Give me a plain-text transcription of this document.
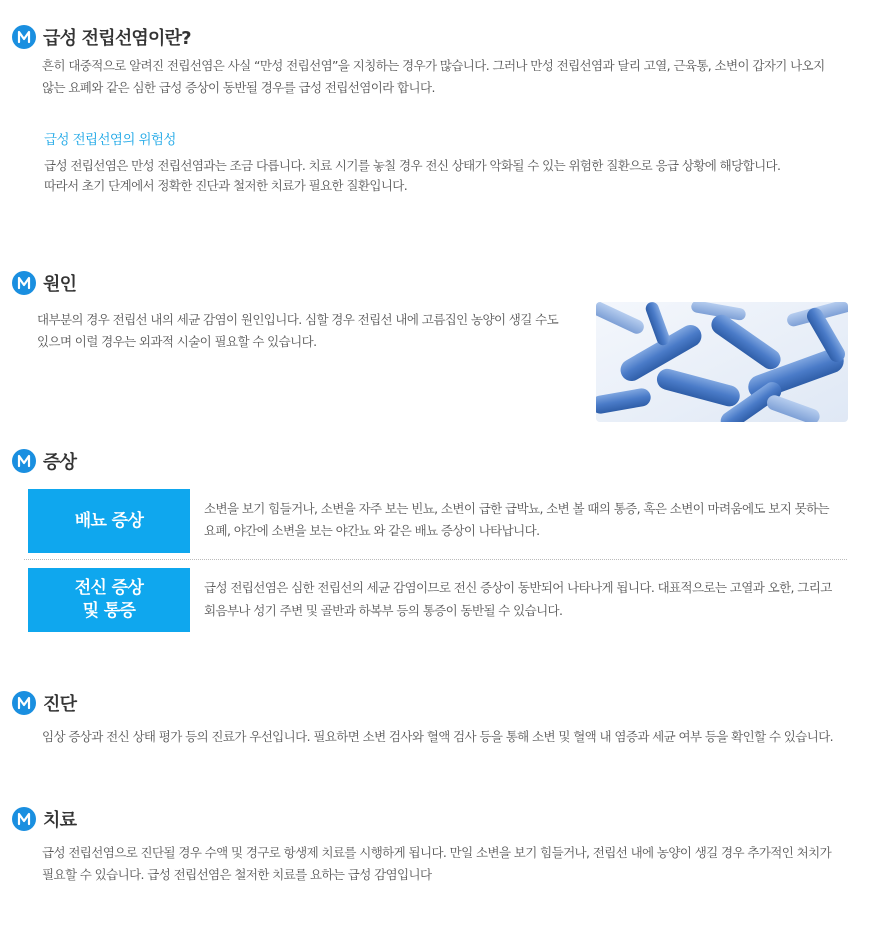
급성 전립선염이란?

흔히 대중적으로 알려진 전립선염은 사실 “만성 전립선염”을 지칭하는 경우가 많습니다. 그러나 만성 전립선염과 달리 고열, 근육통, 소변이 갑자기 나오지

않는 요폐와 같은 심한 급성 증상이 동반될 경우를 급성 전립선염이라 합니다.

급성 전립선염의 위험성

급성 전립선염은 만성 전립선염과는 조금 다릅니다. 치료 시기를 놓칠 경우 전신 상태가 악화될 수 있는 위험한 질환으로 응급 상황에 해당합니다.

따라서 초기 단계에서 정확한 진단과 철저한 치료가 필요한 질환입니다.

원인

대부분의 경우 전립선 내의 세균 감염이 원인입니다. 심할 경우 전립선 내에 고름집인 농양이 생길 수도

있으며 이럴 경우는 외과적 시술이 필요할 수 있습니다.

증상
배뇨 증상

소변을 보기 힘들거나, 소변을 자주 보는 빈뇨, 소변이 급한 급박뇨, 소변 볼 때의 통증, 혹은 소변이 마려움에도 보지 못하는

요폐, 야간에 소변을 보는 야간뇨 와 같은 배뇨 증상이 나타납니다.

전신 증상
및 통증

급성 전립선염은 심한 전립선의 세균 감염이므로 전신 증상이 동반되어 나타나게 됩니다. 대표적으로는 고열과 오한, 그리고

회음부나 성기 주변 및 골반과 하복부 등의 통증이 동반될 수 있습니다.

진단

임상 증상과 전신 상태 평가 등의 진료가 우선입니다. 필요하면 소변 검사와 혈액 검사 등을 통해 소변 및 혈액 내 염증과 세균 여부 등을 확인할 수 있습니다.

치료

급성 전립선염으로 진단될 경우 수액 및 경구로 항생제 치료를 시행하게 됩니다. 만일 소변을 보기 힘들거나, 전립선 내에 농양이 생길 경우 추가적인 처치가

필요할 수 있습니다. 급성 전립선염은 철저한 치료를 요하는 급성 감염입니다
